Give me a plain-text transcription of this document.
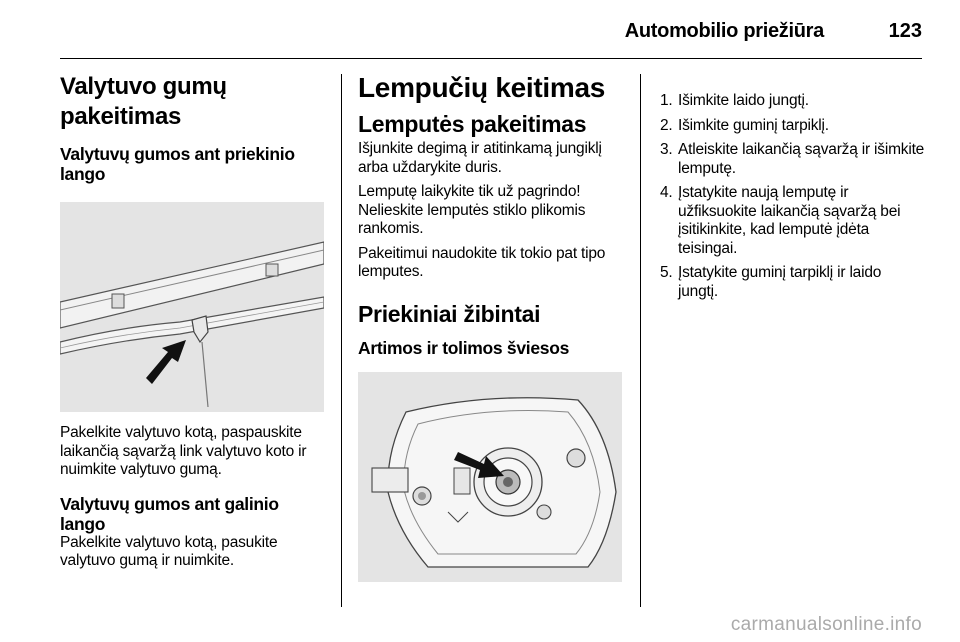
Automobilio priežiūra	123
Valytuvo gumų pakeitimas
Valytuvų gumos ant priekinio lango

Pakelkite valytuvo kotą, paspauskite laikančią sąvaržą link valytuvo koto ir nuimkite valytuvo gumą.

Valytuvų gumos ant galinio lango

Pakelkite valytuvo kotą, pasukite valytuvo gumą ir nuimkite.

Lempučių keitimas
Lemputės pakeitimas

Išjunkite degimą ir atitinkamą jungiklį arba uždarykite duris.

Lemputę laikykite tik už pagrindo! Nelieskite lemputės stiklo plikomis rankomis.

Pakeitimui naudokite tik tokio pat tipo lemputes.

Priekiniai žibintai
Artimos ir tolimos šviesos
1. Išimkite laido jungtį.
2. Išimkite guminį tarpiklį.
3. Atleiskite laikančią sąvaržą ir išimkite lemputę.
4. Įstatykite naują lemputę ir užfiksuokite laikančią sąvaržą bei įsitikinkite, kad lemputė įdėta teisingai.
5. Įstatykite guminį tarpiklį ir laido jungtį.
carmanualsonline.info
